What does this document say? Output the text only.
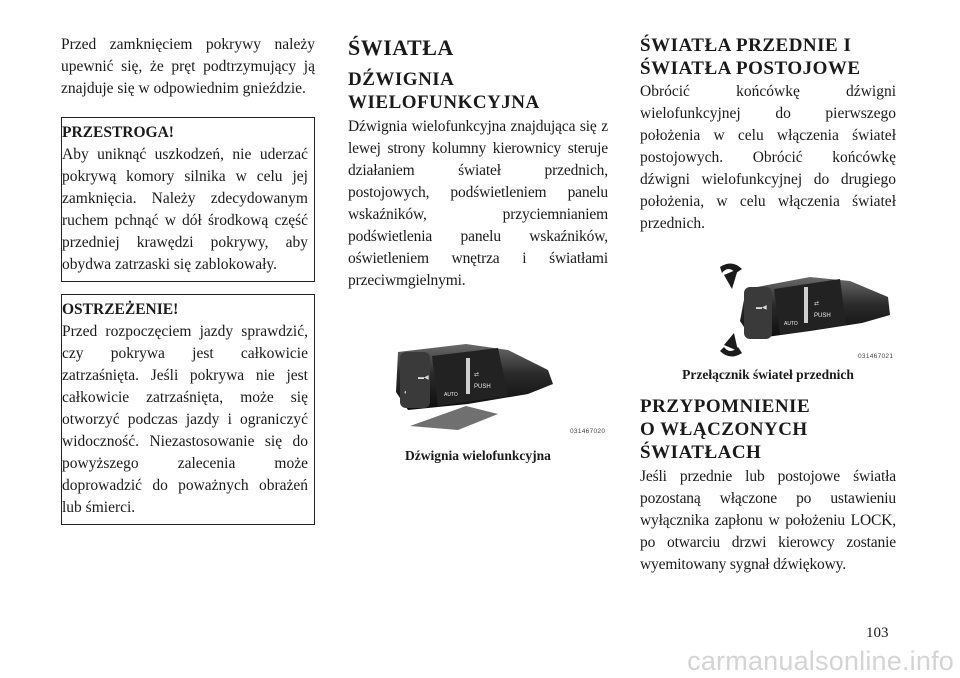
Przed zamknięciem pokrywy należy upewnić się, że pręt podtrzymujący ją znajduje się w odpowiednim gnieździe.

PRZESTROGA!

Aby uniknąć uszkodzeń, nie uderzać pokrywą komory silnika w celu jej zamknięcia. Należy zdecydowanym ruchem pchnąć w dół środkową część przedniej krawędzi pokrywy, aby obydwa zatrzaski się zablokowały.

OSTRZEŻENIE!

Przed rozpoczęciem jazdy sprawdzić, czy pokrywa jest całkowicie zatrzaśnięta. Jeśli pokrywa nie jest całkowicie zatrzaśnięta, może się otworzyć podczas jazdy i ograniczyć widoczność. Niezastosowanie się do powyższego zalecenia może doprowadzić do poważnych obrażeń lub śmierci.

ŚWIATŁA
DŹWIGNIA WIELOFUNKCYJNA

Dźwignia wielofunkcyjna znajdująca się z lewej strony kolumny kierownicy steruje działaniem świateł przednich, postojowych, podświetleniem panelu wskaźników, przyciemnianiem podświetlenia panelu wskaźników, oświetleniem wnętrza i światłami przeciwmgielnymi.

▬◀
◐
⇄
PUSH
AUTO
031467020
Dźwignia wielofunkcyjna
ŚWIATŁA PRZEDNIE I ŚWIATŁA POSTOJOWE

Obrócić końcówkę dźwigni wielofunkcyjnej do pierwszego położenia w celu włączenia świateł postojowych. Obrócić końcówkę dźwigni wielofunkcyjnej do drugiego położenia, w celu włączenia świateł przednich.

▬◀
⇄
PUSH
AUTO
031467021
Przełącznik świateł przednich
PRZYPOMNIENIE O WŁĄCZONYCH ŚWIATŁACH

Jeśli przednie lub postojowe światła pozostaną włączone po ustawieniu wyłącznika zapłonu w położeniu LOCK, po otwarciu drzwi kierowcy zostanie wyemitowany sygnał dźwiękowy.

103
carmanualsonline.info
